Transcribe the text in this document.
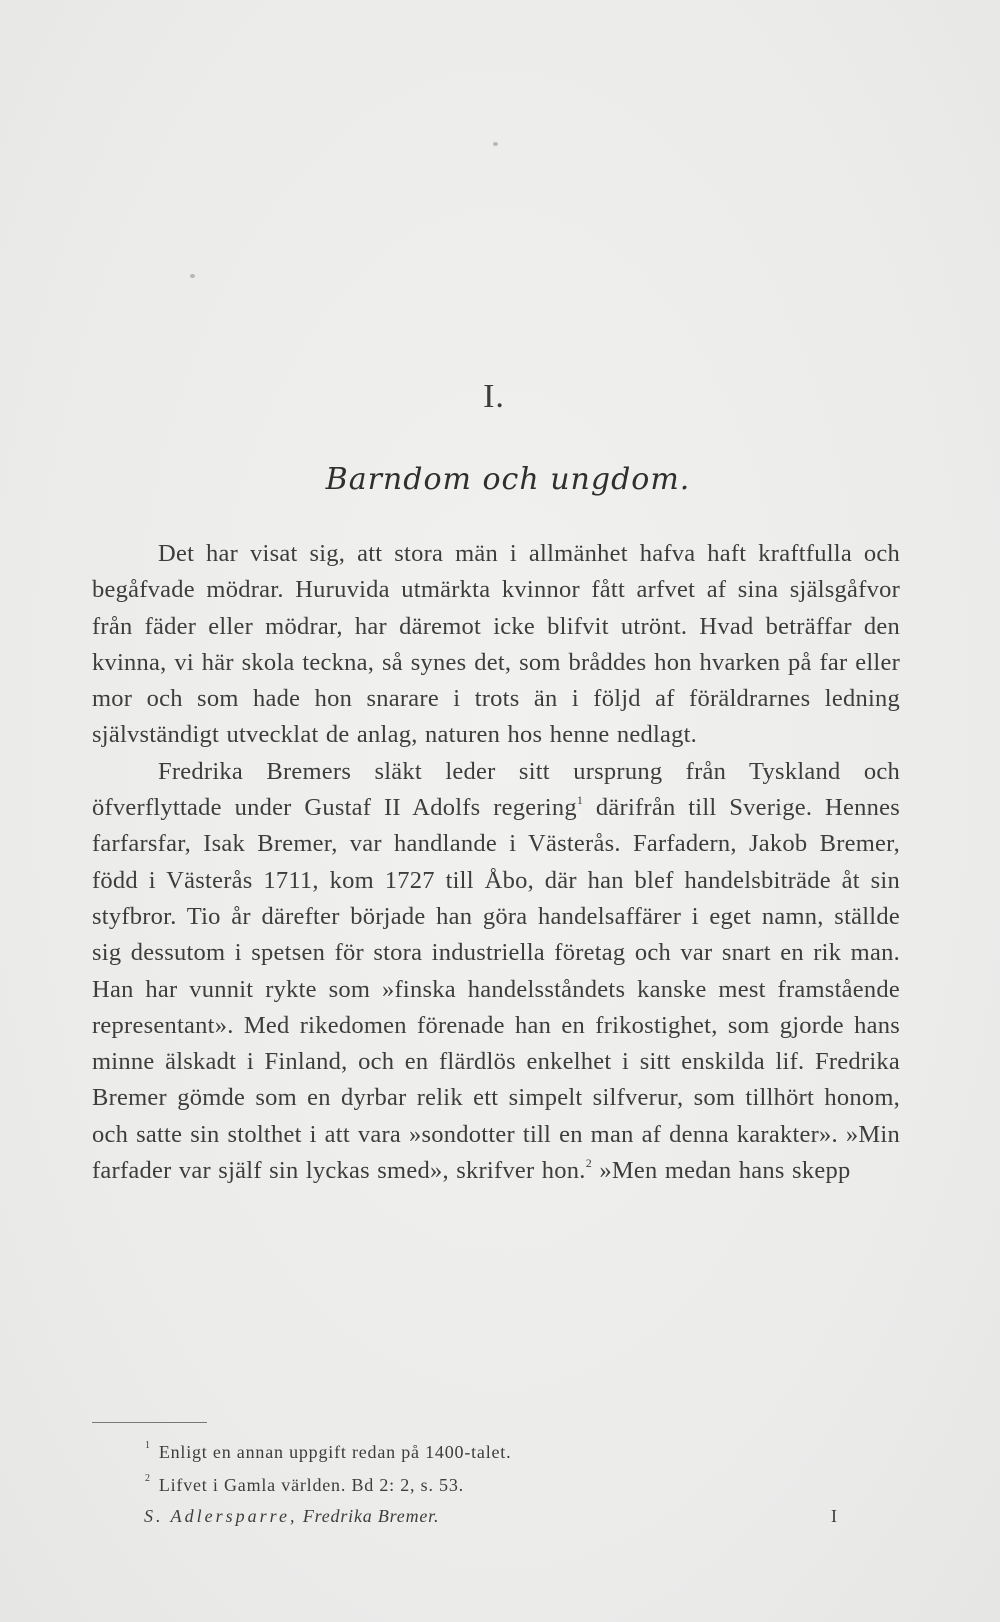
I.
Barndom och ungdom.

Det har visat sig, att stora män i allmänhet hafva haft kraftfulla och begåfvade mödrar. Huruvida utmärkta kvinnor fått arfvet af sina själsgåfvor från fäder eller mödrar, har däremot icke blifvit utrönt. Hvad beträffar den kvinna, vi här skola teckna, så synes det, som bråddes hon hvarken på far eller mor och som hade hon snarare i trots än i följd af föräldrarnes ledning självständigt utvecklat de anlag, naturen hos henne nedlagt.

Fredrika Bremers släkt leder sitt ursprung från Tyskland och öfverflyttade under Gustaf II Adolfs regering$^1$ därifrån till Sverige. Hennes farfarsfar, Isak Bremer, var handlande i Västerås. Farfadern, Jakob Bremer, född i Västerås 1711, kom 1727 till Åbo, där han blef handelsbiträde åt sin styfbror. Tio år därefter började han göra handelsaffärer i eget namn, ställde sig dessutom i spetsen för stora industriella företag och var snart en rik man. Han har vunnit rykte som »finska handelsståndets kanske mest framstående representant». Med rikedomen förenade han en frikostighet, som gjorde hans minne älskadt i Finland, och en flärdlös enkelhet i sitt enskilda lif. Fredrika Bremer gömde som en dyrbar relik ett simpelt silfverur, som tillhört honom, och satte sin stolthet i att vara »sondotter till en man af denna karakter». »Min farfader var själf sin lyckas smed», skrifver hon.$^2$ »Men medan hans skepp

$^1$ Enligt en annan uppgift redan på 1400-talet.
$^2$ Lifvet i Gamla världen. Bd 2: 2, s. 53.
S. Adlersparre, Fredrika Bremer.	I
